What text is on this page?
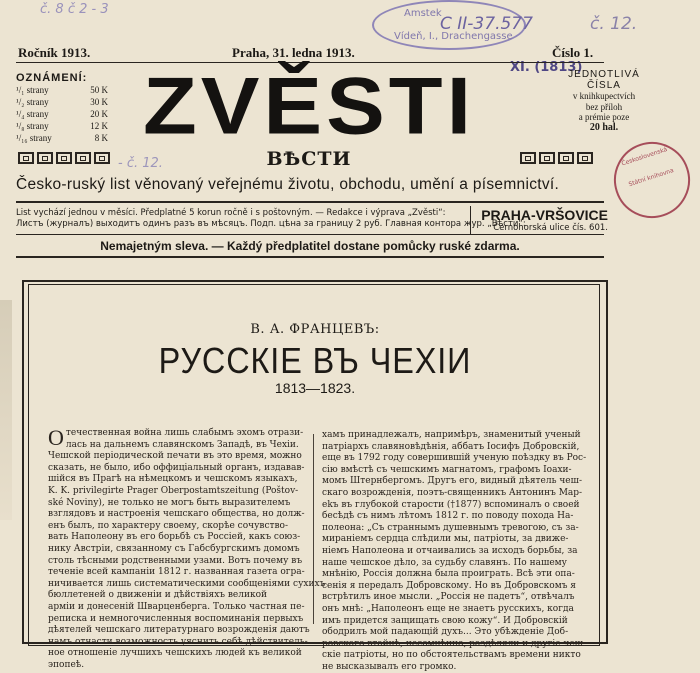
č. 8 č 2 - 3
č. 12.
- č. 12.
Amstek
Vídeň, I., Drachengasse
C II-37.577
XI. (1813)
Československá
Státní knihovna
Ročník 1913.	Praha, 31. ledna 1913.	Číslo 1.
OZNÁMENÍ:
¹/₁ strany	50 K
¹/₂ strany	30 K
¹/₄ strany	20 K
¹/₈ strany	12 K
¹/₁₆ strany	8 K ZVĚSTI
ВѢСТИ
JEDNOTLIVÁ
ČÍSLA
v knihkupectvích
bez příloh
a prémie poze
20 hal.
Česko-ruský list věnovaný veřejnému životu, obchodu, umění a písemnictví.
List vychází jednou v měsíci. Předplatné 5 korun ročně i s poštovným. — Redakce i výprava „Zvěsti“:
Листъ (журналъ) выходитъ одинъ разъ въ мѣсяцъ. Подп. цѣна за границу 2 руб. Главная контора жур. „Вѣсти“:
PRAHA-VRŠOVICE
Černohorská ulice čís. 601.
Nemajetným sleva. — Každý předplatitel dostane pomůcky ruské zdarma.
В. А. ФРАНЦЕВЪ:
РУССКІЕ ВЪ ЧЕХІИ
1813—1823.
О течественная война лишь слабымъ эхомъ отрази-
лась на дальнемъ славянскомъ Западѣ, въ Чехіи.
Чешской періодической печати въ это время, можно
сказать, не было, ибо оффиціальный органъ, издавав-
шійся въ Прагѣ на нѣмецкомъ и чешскомъ языкахъ,
K. K. privilegirte Prager Oberpostamtszeitung (Poštov-
ské Noviny), не только не могъ быть выразителемъ
взглядовъ и настроенія чешскаго общества, но долж-
енъ былъ, по характеру своему, скорѣе сочувство-
вать Наполеону въ его борьбѣ съ Россіей, какъ союз-
нику Австріи, связанному съ Габсбургскимъ домомъ
столь тѣсными родственными узами. Вотъ почему въ
теченіе всей кампаніи 1812 г. названная газета огра-
ничивается лишь систематическими сообщеніями сухихъ
бюллетеней о движеніи и дѣйствіяхъ великой
арміи и донесеній Шварценберга. Только частная пе-
реписка и немногочисленныя воспоминанія первыхъ
дѣятелей чешскаго литературнаго возрожденія даютъ
намъ отчасти возможность уяснить себѣ дѣйствитель-
ное отношеніе лучшихъ чешскихъ людей къ великой
эпопеѣ.
хамъ принадлежалъ, напримѣръ, знаменитый ученый
патріархъ славяновѣдѣнія, аббатъ Іосифъ Добровскій,
еще въ 1792 году совершившій ученую поѣздку въ Рос-
сію вмѣстѣ съ чешскимъ магнатомъ, графомъ Іоахи-
момъ Штернбергомъ. Другъ его, видный дѣятель чеш-
скаго возрожденія, поэтъ-священникъ Антонинъ Мар-
ekъ въ глубокой старости (†1877) вспоминалъ о своей
бесѣдѣ съ нимъ лѣтомъ 1812 г. по поводу похода На-
полеона: „Съ страннымъ душевнымъ тревогою, съ за-
мираніемъ сердца слѣдили мы, патріоты, за движе-
ніемъ Наполеона и отчаивались за исходъ борьбы, за
наше чешское дѣло, за судьбу славянъ. По нашему
мнѣнію, Россія должна была проиграть. Всѣ эти опа-
сенія я передалъ Добровскому. Но въ Добровскомъ я
встрѣтилъ иное мысли. „Россія не падетъ“, отвѣчалъ
онъ мнѣ: „Наполеонъ еще не знаетъ русскихъ, когда
имъ придется защищать свою кожу“. И Добровскій
ободрилъ мой падающій духъ... Это убѣжденіе Доб-
ровскаго втайнѣ, несомнѣнно, раздѣляли и другіе чеш-
скіе патріоты, но по обстоятельствамъ времени никто
не высказывалъ его громко.
